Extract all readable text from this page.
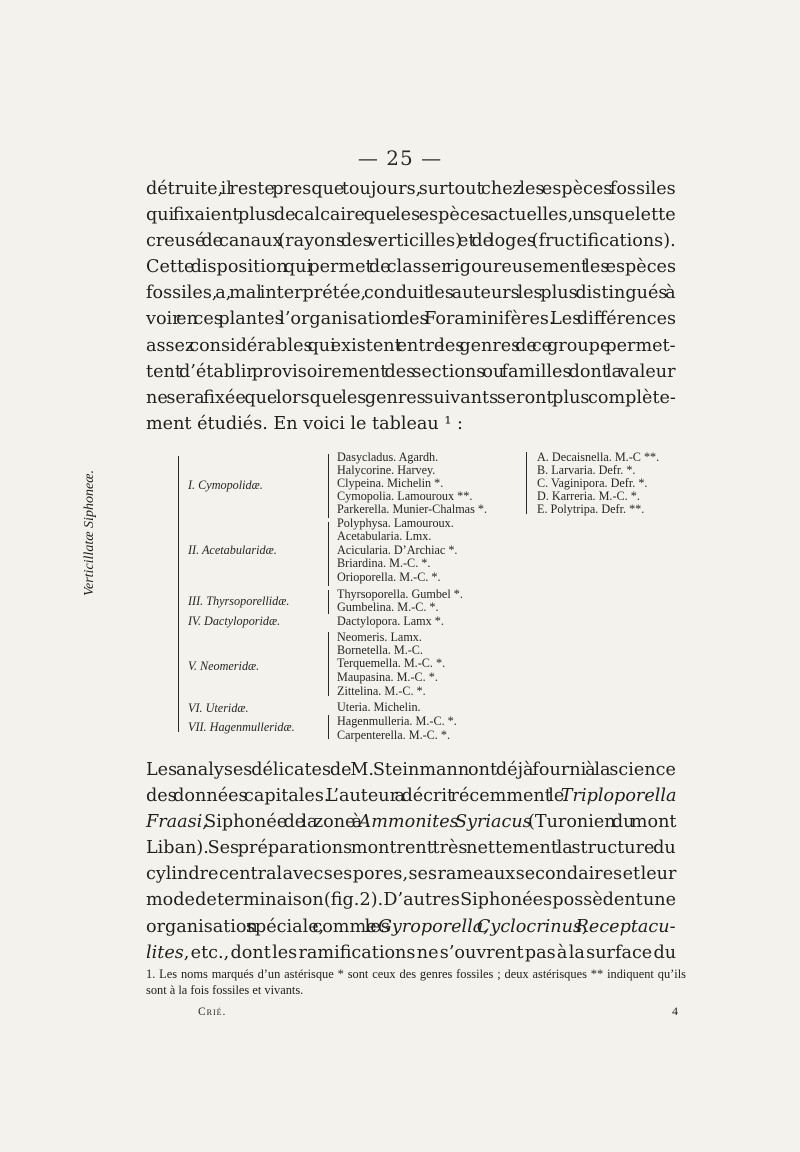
— 25 —
détruite, il reste presque toujours, surtout chez les espèces fossiles
qui fixaient plus de calcaire que les espèces actuelles, un squelette
creusé de canaux (rayons des verticilles) et de loges (fructifications).
Cette disposition qui permet de classer rigoureusement les espèces
fossiles, a, mal interprétée, conduit les auteurs les plus distingués à
voir en ces plantes l’organisation des Foraminifères. Les différences
assez considérables qui existent entre les genres de ce groupe permet-
tent d’établir provisoirement des sections ou familles dont la valeur
ne sera fixée que lorsque les genres suivants seront plus complète-
ment étudiés. En voici le tableau ¹ :
Verticillatæ Siphoneæ.	I. Cymopolidæ.
II. Acetabularidæ.
III. Thyrsoporellidæ.
IV. Dactyloporidæ.
V. Neomeridæ.
VI. Uteridæ.
VII. Hagenmulleridæ.
Dasycladus. Agardh.
Halycorine. Harvey.
Clypeina. Michelin *.
Cymopolia. Lamouroux **.
Parkerella. Munier-Chalmas *.
Polyphysa. Lamouroux.
Acetabularia. Lmx.
Acicularia. D’Archiac *.
Briardina. M.-C. *.
Orioporella. M.-C. *.
Thyrsoporella. Gumbel *.
Gumbelina. M.-C. *.
Dactylopora. Lamx *.
Neomeris. Lamx.
Bornetella. M.-C.
Terquemella. M.-C. *.
Maupasina. M.-C. *.
Zittelina. M.-C. *.
Uteria. Michelin.
Hagenmulleria. M.-C. *.
Carpenterella. M.-C. *.
A. Decaisnella. M.-C **.
B. Larvaria. Defr. *.
C. Vaginipora. Defr. *.
D. Karreria. M.-C. *.
E. Polytripa. Defr. **.
Les analyses délicates de M. Steinmann ont déjà fourni à la science
des données capitales. L’auteur a décrit récemment le Triploporella
Fraasi, Siphonée de la zone à Ammonites Syriacus (Turonien du mont
Liban). Ses préparations montrent très nettement la structure du
cylindre central avec ses pores, ses rameaux secondaires et leur
mode de terminaison (fig. 2). D’autres Siphonées possèdent une
organisation spéciale, comme les Gyroporella, Cyclocrinus, Receptacu-
lites, etc., dont les ramifications ne s’ouvrent pas à la surface du
1. Les noms marqués d’un astérisque * sont ceux des genres fossiles ; deux astérisques ** indiquent qu’ils sont à la fois fossiles et vivants.
Crié.	4
